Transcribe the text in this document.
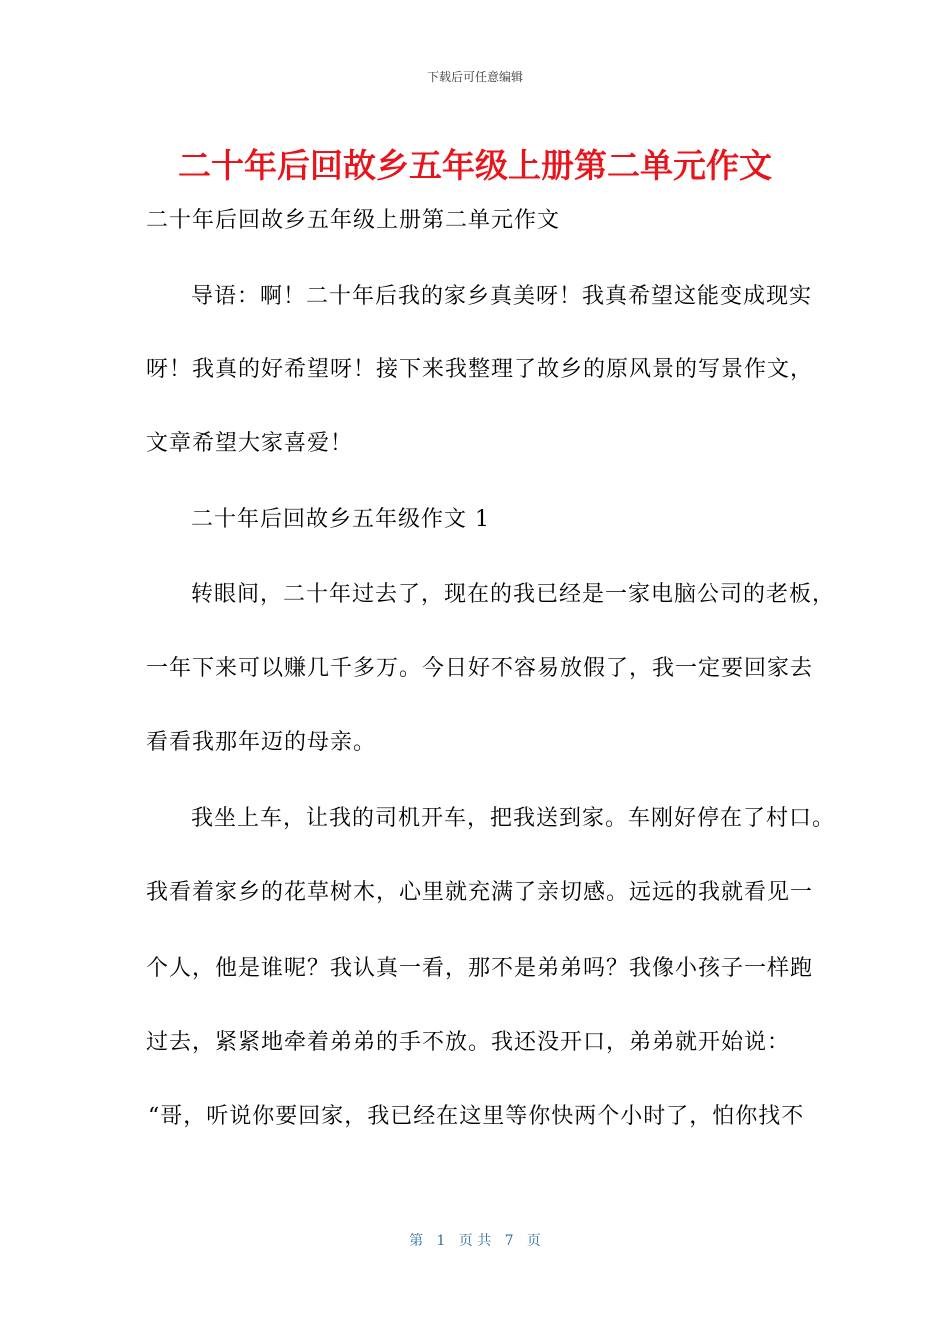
下载后可任意编辑
二十年后回故乡五年级上册第二单元作文
二十年后回故乡五年级上册第二单元作文
导语：啊！二十年后我的家乡真美呀！我真希望这能变成现实
呀！我真的好希望呀！接下来我整理了故乡的原风景的写景作文，
文章希望大家喜爱！
二十年后回故乡五年级作文 1
转眼间，二十年过去了，现在的我已经是一家电脑公司的老板，
一年下来可以赚几千多万。今日好不容易放假了，我一定要回家去
看看我那年迈的母亲。
我坐上车，让我的司机开车，把我送到家。车刚好停在了村口。
我看着家乡的花草树木，心里就充满了亲切感。远远的我就看见一
个人，他是谁呢？我认真一看，那不是弟弟吗？我像小孩子一样跑
过去，紧紧地牵着弟弟的手不放。我还没开口，弟弟就开始说：
“哥，听说你要回家，我已经在这里等你快两个小时了，怕你找不
第   1   页 共   7   页
